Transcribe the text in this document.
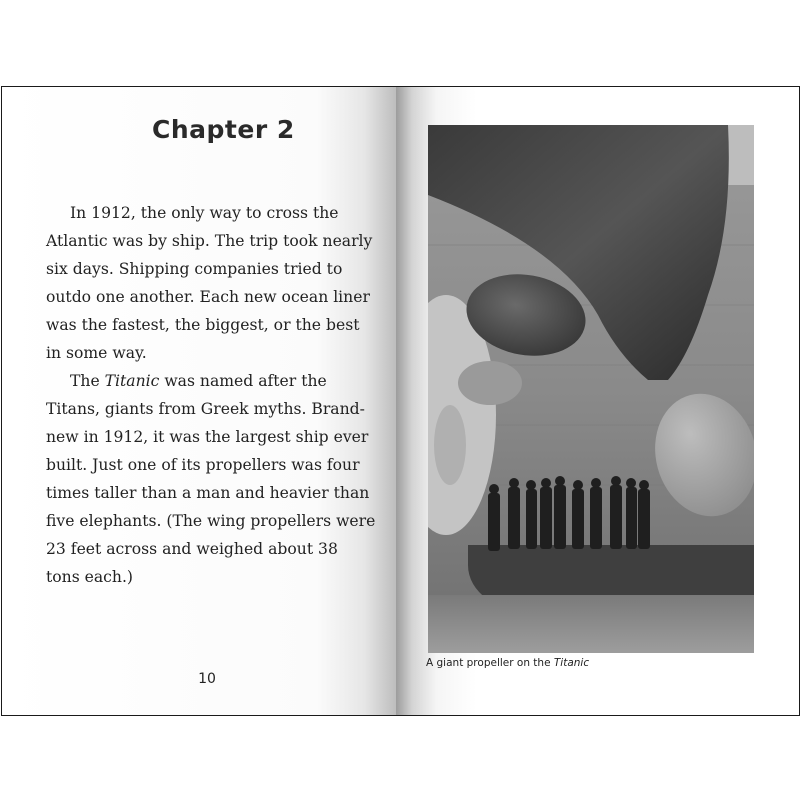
Chapter 2

In 1912, the only way to cross the Atlantic was by ship. The trip took nearly six days. Shipping companies tried to outdo one another. Each new ocean liner was the fastest, the biggest, or the best in some way.

The Titanic was named after the Titans, giants from Greek myths. Brand-new in 1912, it was the largest ship ever built. Just one of its propellers was four times taller than a man and heavier than five elephants. (The wing propellers were 23 feet across and weighed about 38 tons each.)

10
A giant propeller on the Titanic
